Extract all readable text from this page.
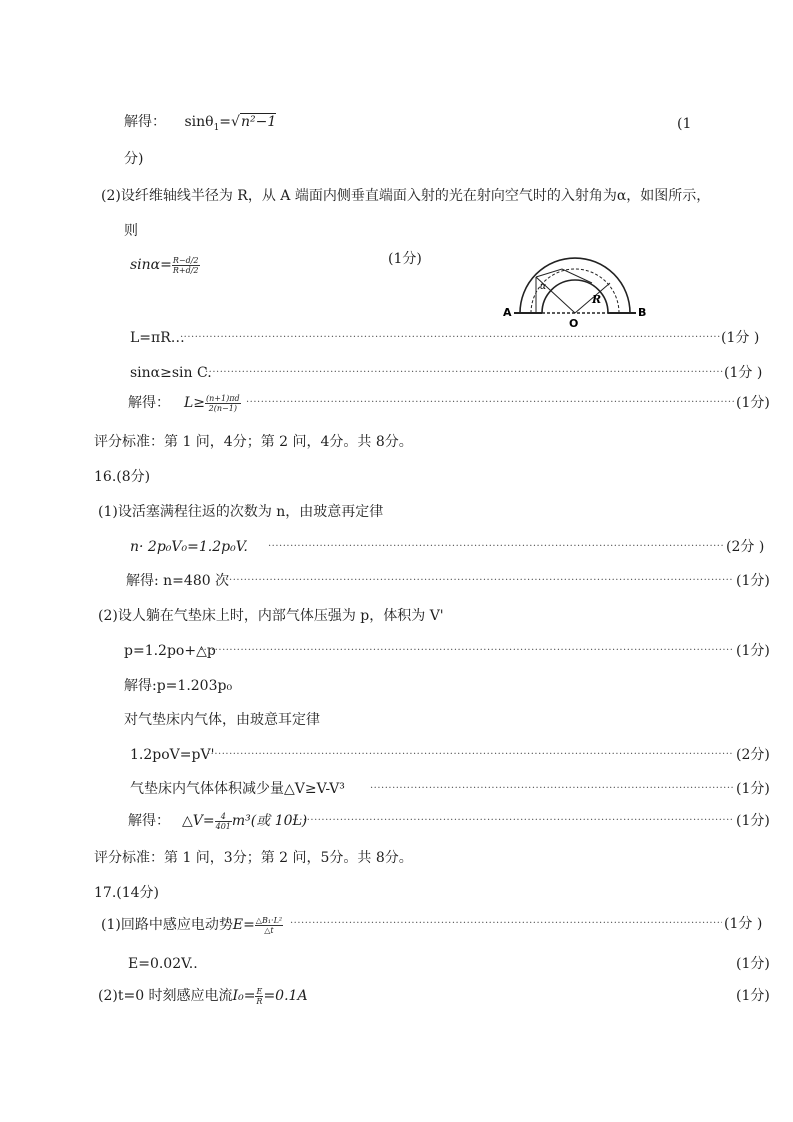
解得： sinθ$_1$=√n²−1	(1
分)
(2)设纤维轴线半径为 R，从 A 端面内侧垂直端面入射的光在射向空气时的入射角为α，如图所示，
则
$\sin\alpha= \frac{R-d/2}{R+d/2}$	(1分)
A	B
O
R
α
L=πR… ·····	(1分 )
sinα≥sin C. ·····	(1分 )
解得： $L\ge \frac{(n+1)\pi d}{2(n-1)}$ ·····	(1分)
评分标准：第 1 问，4分；第 2 问，4分。共 8分。
16.(8分)
(1)设活塞满程往返的次数为 n，由玻意再定律
n· 2p₀V₀=1.2p₀V. ·····	(2分 )
解得: n=480 次 ·····	(1分)
(2)设人躺在气垫床上时，内部气体压强为 p，体积为 V'
p=1.2po+△p ·····	(1分)
解得:p=1.203p₀
对气垫床内气体，由玻意耳定律
1.2poV=pV' ·····	(2分)
气垫床内气体体积减少量△V≥V-V³ ·····	(1分)
解得： △V= $\frac{4}{401} m^3$(或 10L) ·····	(1分)
评分标准：第 1 问，3分；第 2 问，5分。共 8分。
17.(14分)
(1)回路中感应电动势$E= \frac{\text{△B₁·L²}}{\triangle t}$ ·····	(1分 )
E=0.02V..	(1分)
(2)t=0 时刻感应电流$I_0= \frac{E}{R} =0.1A$	(1分)
